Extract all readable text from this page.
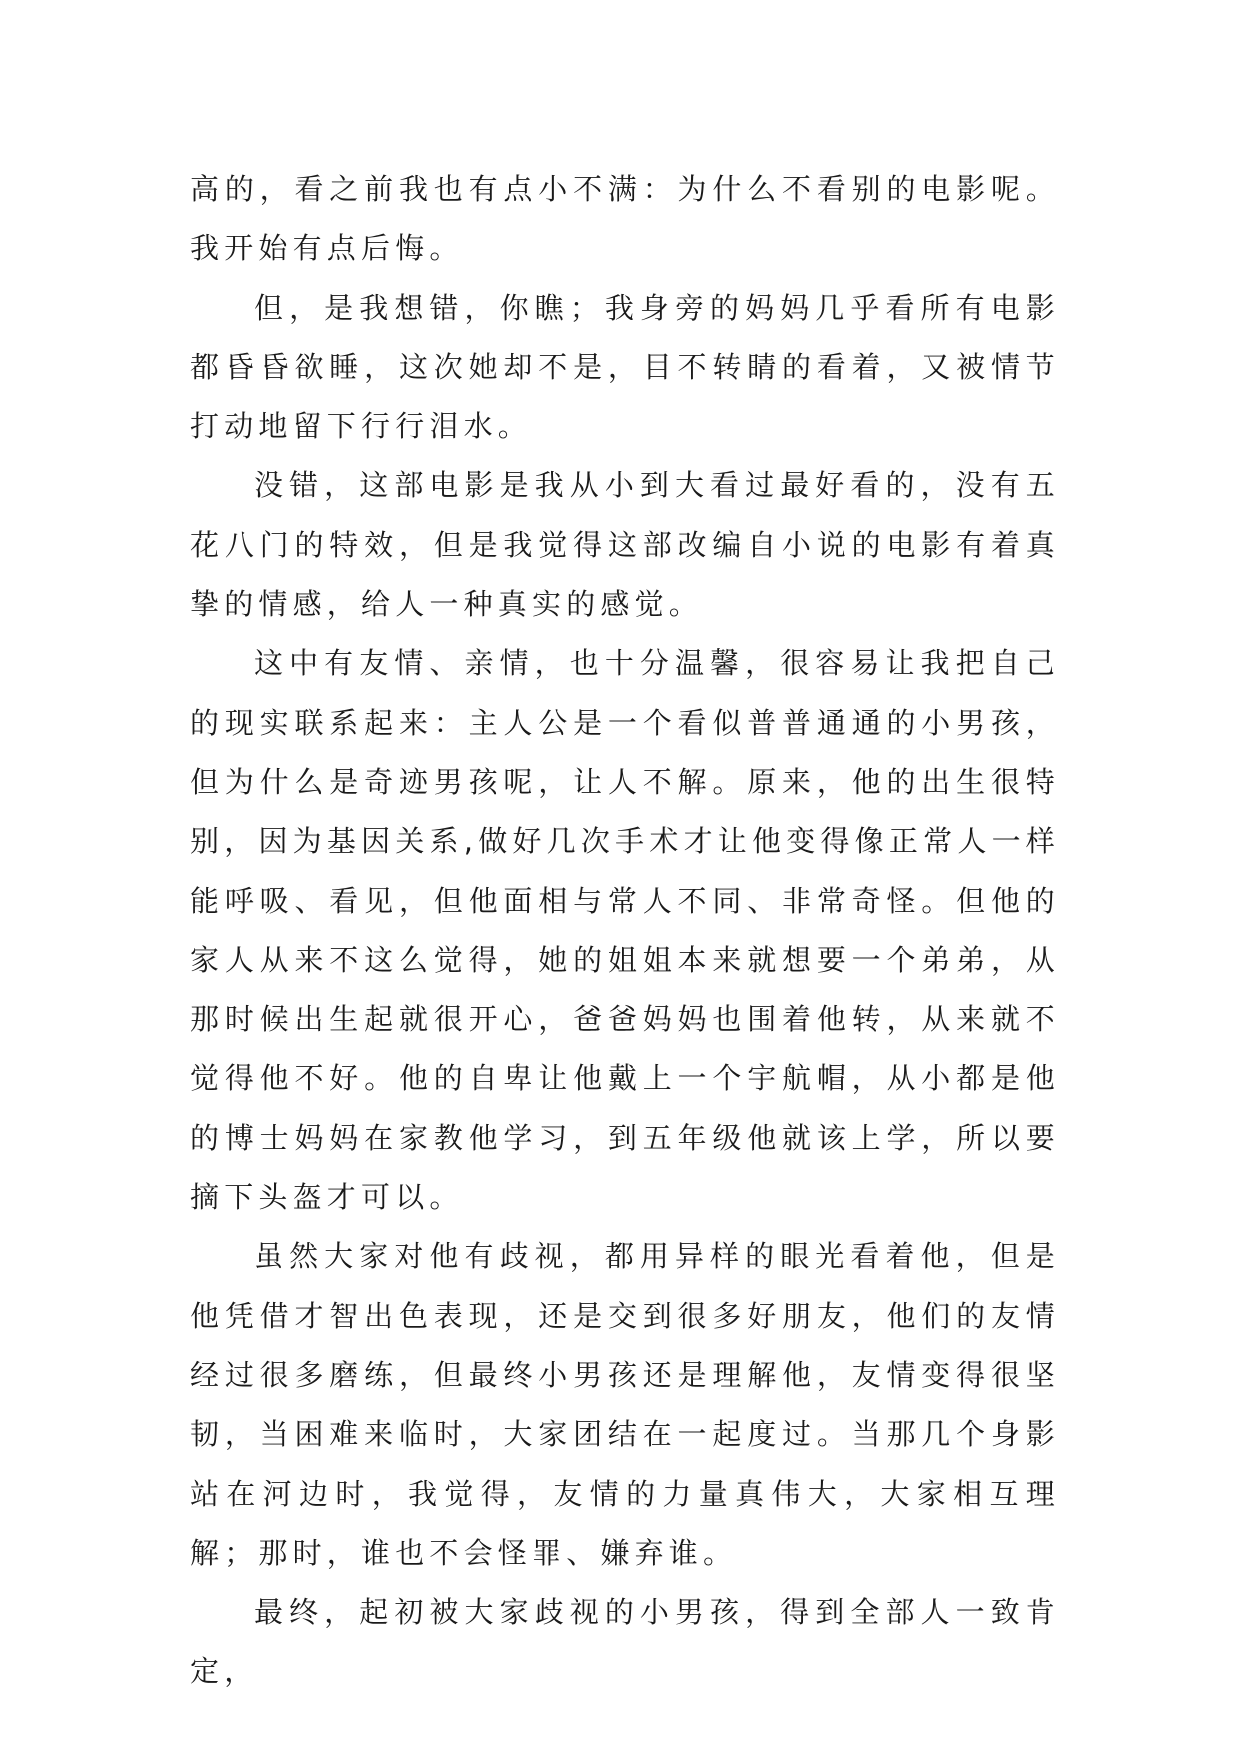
高的，看之前我也有点小不满：为什么不看别的电影呢。我开始有点后悔。

但，是我想错，你瞧；我身旁的妈妈几乎看所有电影都昏昏欲睡，这次她却不是，目不转睛的看着，又被情节打动地留下行行泪水。

没错，这部电影是我从小到大看过最好看的，没有五花八门的特效，但是我觉得这部改编自小说的电影有着真挚的情感，给人一种真实的感觉。

这中有友情、亲情，也十分温馨，很容易让我把自己的现实联系起来：主人公是一个看似普普通通的小男孩，但为什么是奇迹男孩呢，让人不解。原来，他的出生很特别，因为基因关系,做好几次手术才让他变得像正常人一样能呼吸、看见，但他面相与常人不同、非常奇怪。但他的家人从来不这么觉得，她的姐姐本来就想要一个弟弟，从那时候出生起就很开心，爸爸妈妈也围着他转，从来就不觉得他不好。他的自卑让他戴上一个宇航帽，从小都是他的博士妈妈在家教他学习，到五年级他就该上学，所以要摘下头盔才可以。

虽然大家对他有歧视，都用异样的眼光看着他，但是他凭借才智出色表现，还是交到很多好朋友，他们的友情经过很多磨练，但最终小男孩还是理解他，友情变得很坚韧，当困难来临时，大家团结在一起度过。当那几个身影站在河边时，我觉得，友情的力量真伟大，大家相互理解；那时，谁也不会怪罪、嫌弃谁。

最终，起初被大家歧视的小男孩，得到全部人一致肯定，
